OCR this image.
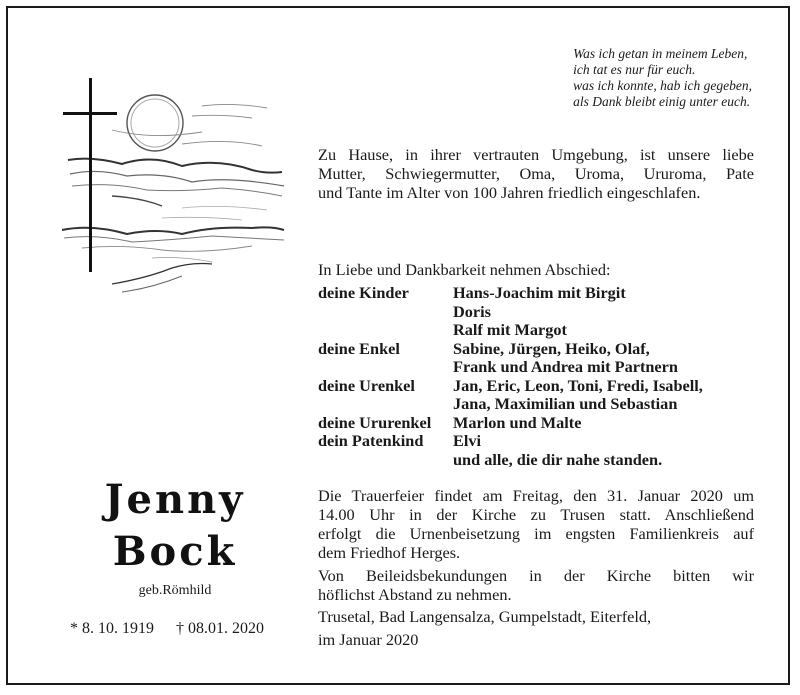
Was ich getan in meinem Leben,
ich tat es nur für euch.
was ich konnte, hab ich gegeben,
als Dank bleibt einig unter euch.
Zu Hause, in ihrer vertrauten Umgebung, ist unsere liebe
Mutter, Schwiegermutter, Oma, Uroma, Ururoma, Pate
und Tante im Alter von 100 Jahren friedlich eingeschlafen.
In Liebe und Dankbarkeit nehmen Abschied:
deine Kinder	Hans-Joachim mit Birgit
Doris
Ralf mit Margot
deine Enkel	Sabine, Jürgen, Heiko, Olaf,
Frank und Andrea mit Partnern
deine Urenkel	Jan, Eric, Leon, Toni, Fredi, Isabell,
Jana, Maximilian und Sebastian
deine Ururenkel	Marlon und Malte
dein Patenkind	Elvi
und alle, die dir nahe standen.
Jenny
Bock
geb.Römhild
* 8. 10. 1919 † 08.01. 2020
Die Trauerfeier findet am Freitag, den 31. Januar 2020 um
14.00 Uhr in der Kirche zu Trusen statt. Anschließend
erfolgt die Urnenbeisetzung im engsten Familienkreis auf
dem Friedhof Herges.
Von Beileidsbekundungen in der Kirche bitten wir
höflichst Abstand zu nehmen.
Trusetal, Bad Langensalza, Gumpelstadt, Eiterfeld,
im Januar 2020
